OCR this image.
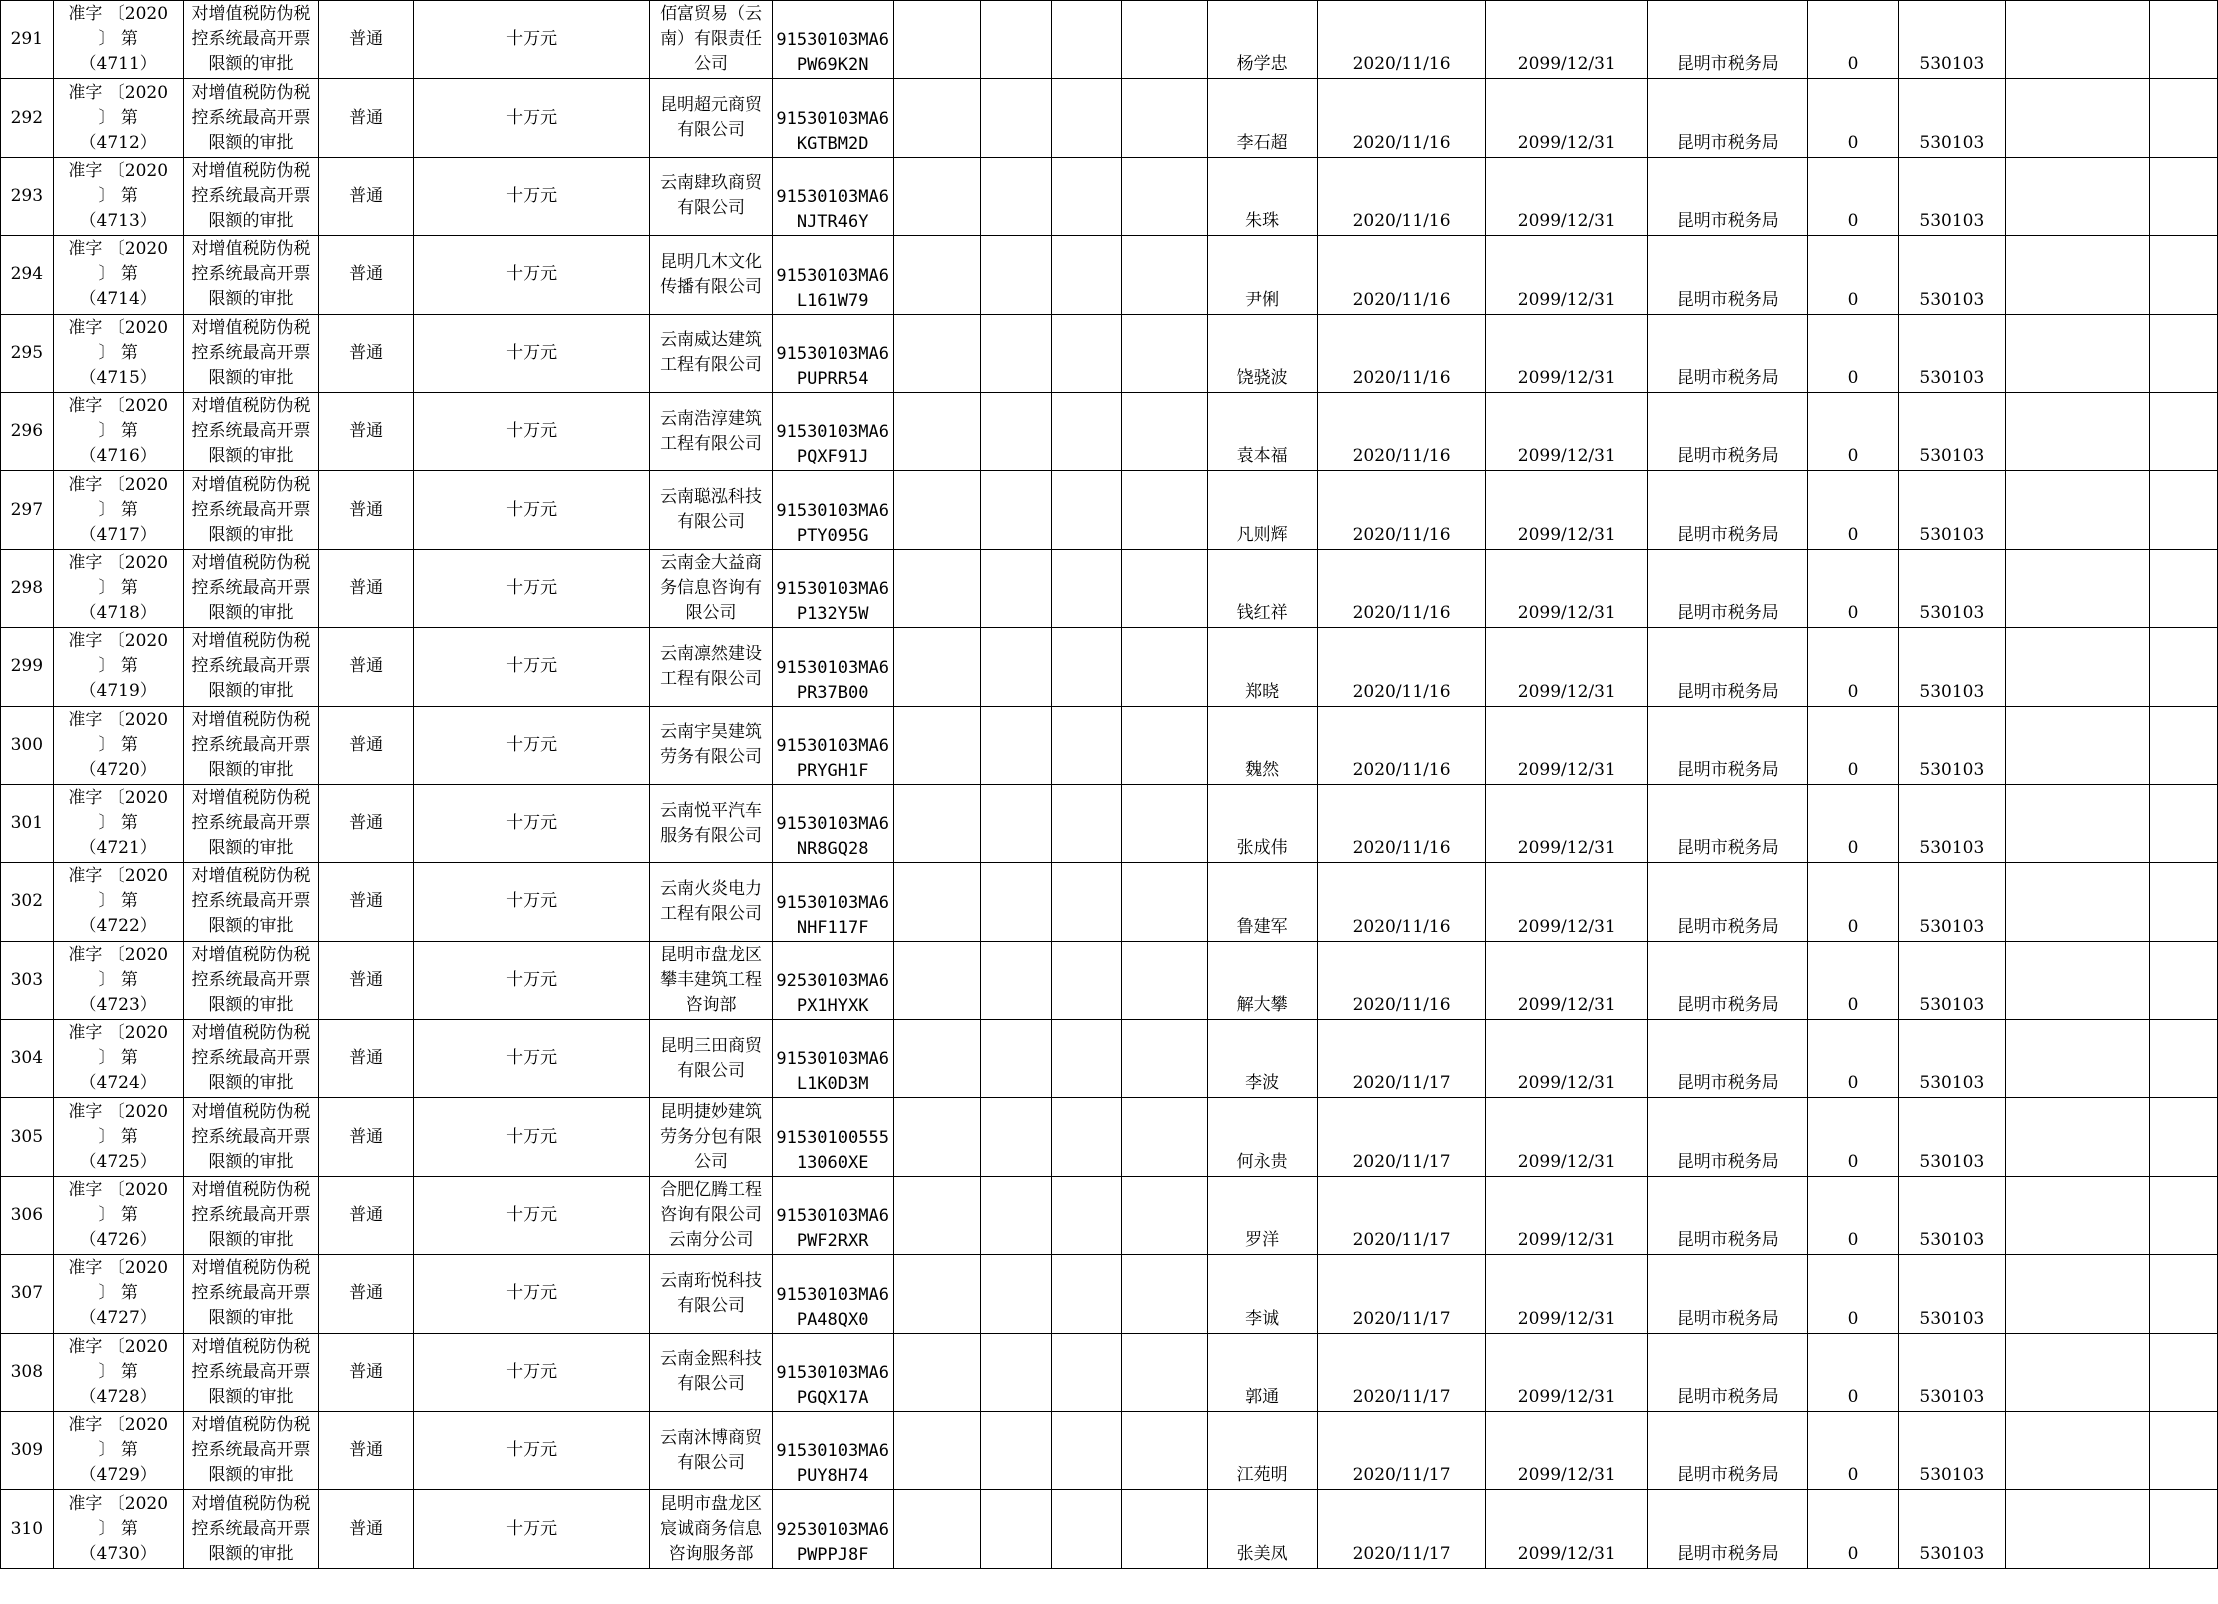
291	准字 〔2020
〕 第
（4711）	对增值税防伪税
控系统最高开票
限额的审批	普通	十万元	佰富贸易（云
南）有限责任
公司	91530103MA6
PW69K2N					杨学忠	2020/11/16	2099/12/31	昆明市税务局	0	530103		
292	准字 〔2020
〕 第
（4712）	对增值税防伪税
控系统最高开票
限额的审批	普通	十万元	昆明超元商贸
有限公司	91530103MA6
KGTBM2D					李石超	2020/11/16	2099/12/31	昆明市税务局	0	530103		
293	准字 〔2020
〕 第
（4713）	对增值税防伪税
控系统最高开票
限额的审批	普通	十万元	云南肆玖商贸
有限公司	91530103MA6
NJTR46Y					朱珠	2020/11/16	2099/12/31	昆明市税务局	0	530103		
294	准字 〔2020
〕 第
（4714）	对增值税防伪税
控系统最高开票
限额的审批	普通	十万元	昆明几木文化
传播有限公司	91530103MA6
L161W79					尹俐	2020/11/16	2099/12/31	昆明市税务局	0	530103		
295	准字 〔2020
〕 第
（4715）	对增值税防伪税
控系统最高开票
限额的审批	普通	十万元	云南威达建筑
工程有限公司	91530103MA6
PUPRR54					饶骁波	2020/11/16	2099/12/31	昆明市税务局	0	530103		
296	准字 〔2020
〕 第
（4716）	对增值税防伪税
控系统最高开票
限额的审批	普通	十万元	云南浩淳建筑
工程有限公司	91530103MA6
PQXF91J					袁本福	2020/11/16	2099/12/31	昆明市税务局	0	530103		
297	准字 〔2020
〕 第
（4717）	对增值税防伪税
控系统最高开票
限额的审批	普通	十万元	云南聪泓科技
有限公司	91530103MA6
PTY095G					凡则辉	2020/11/16	2099/12/31	昆明市税务局	0	530103		
298	准字 〔2020
〕 第
（4718）	对增值税防伪税
控系统最高开票
限额的审批	普通	十万元	云南金大益商
务信息咨询有
限公司	91530103MA6
P132Y5W					钱红祥	2020/11/16	2099/12/31	昆明市税务局	0	530103		
299	准字 〔2020
〕 第
（4719）	对增值税防伪税
控系统最高开票
限额的审批	普通	十万元	云南凛然建设
工程有限公司	91530103MA6
PR37B00					郑晓	2020/11/16	2099/12/31	昆明市税务局	0	530103		
300	准字 〔2020
〕 第
（4720）	对增值税防伪税
控系统最高开票
限额的审批	普通	十万元	云南宇昊建筑
劳务有限公司	91530103MA6
PRYGH1F					魏然	2020/11/16	2099/12/31	昆明市税务局	0	530103		
301	准字 〔2020
〕 第
（4721）	对增值税防伪税
控系统最高开票
限额的审批	普通	十万元	云南悦平汽车
服务有限公司	91530103MA6
NR8GQ28					张成伟	2020/11/16	2099/12/31	昆明市税务局	0	530103		
302	准字 〔2020
〕 第
（4722）	对增值税防伪税
控系统最高开票
限额的审批	普通	十万元	云南火炎电力
工程有限公司	91530103MA6
NHF117F					鲁建军	2020/11/16	2099/12/31	昆明市税务局	0	530103		
303	准字 〔2020
〕 第
（4723）	对增值税防伪税
控系统最高开票
限额的审批	普通	十万元	昆明市盘龙区
攀丰建筑工程
咨询部	92530103MA6
PX1HYXK					解大攀	2020/11/16	2099/12/31	昆明市税务局	0	530103		
304	准字 〔2020
〕 第
（4724）	对增值税防伪税
控系统最高开票
限额的审批	普通	十万元	昆明三田商贸
有限公司	91530103MA6
L1K0D3M					李波	2020/11/17	2099/12/31	昆明市税务局	0	530103		
305	准字 〔2020
〕 第
（4725）	对增值税防伪税
控系统最高开票
限额的审批	普通	十万元	昆明捷妙建筑
劳务分包有限
公司	91530100555
13060XE					何永贵	2020/11/17	2099/12/31	昆明市税务局	0	530103		
306	准字 〔2020
〕 第
（4726）	对增值税防伪税
控系统最高开票
限额的审批	普通	十万元	合肥亿腾工程
咨询有限公司
云南分公司	91530103MA6
PWF2RXR					罗洋	2020/11/17	2099/12/31	昆明市税务局	0	530103		
307	准字 〔2020
〕 第
（4727）	对增值税防伪税
控系统最高开票
限额的审批	普通	十万元	云南珩悦科技
有限公司	91530103MA6
PA48QX0					李诚	2020/11/17	2099/12/31	昆明市税务局	0	530103		
308	准字 〔2020
〕 第
（4728）	对增值税防伪税
控系统最高开票
限额的审批	普通	十万元	云南金熙科技
有限公司	91530103MA6
PGQX17A					郭通	2020/11/17	2099/12/31	昆明市税务局	0	530103		
309	准字 〔2020
〕 第
（4729）	对增值税防伪税
控系统最高开票
限额的审批	普通	十万元	云南沐博商贸
有限公司	91530103MA6
PUY8H74					江苑明	2020/11/17	2099/12/31	昆明市税务局	0	530103		
310	准字 〔2020
〕 第
（4730）	对增值税防伪税
控系统最高开票
限额的审批	普通	十万元	昆明市盘龙区
宸诚商务信息
咨询服务部	92530103MA6
PWPPJ8F					张美凤	2020/11/17	2099/12/31	昆明市税务局	0	530103		
